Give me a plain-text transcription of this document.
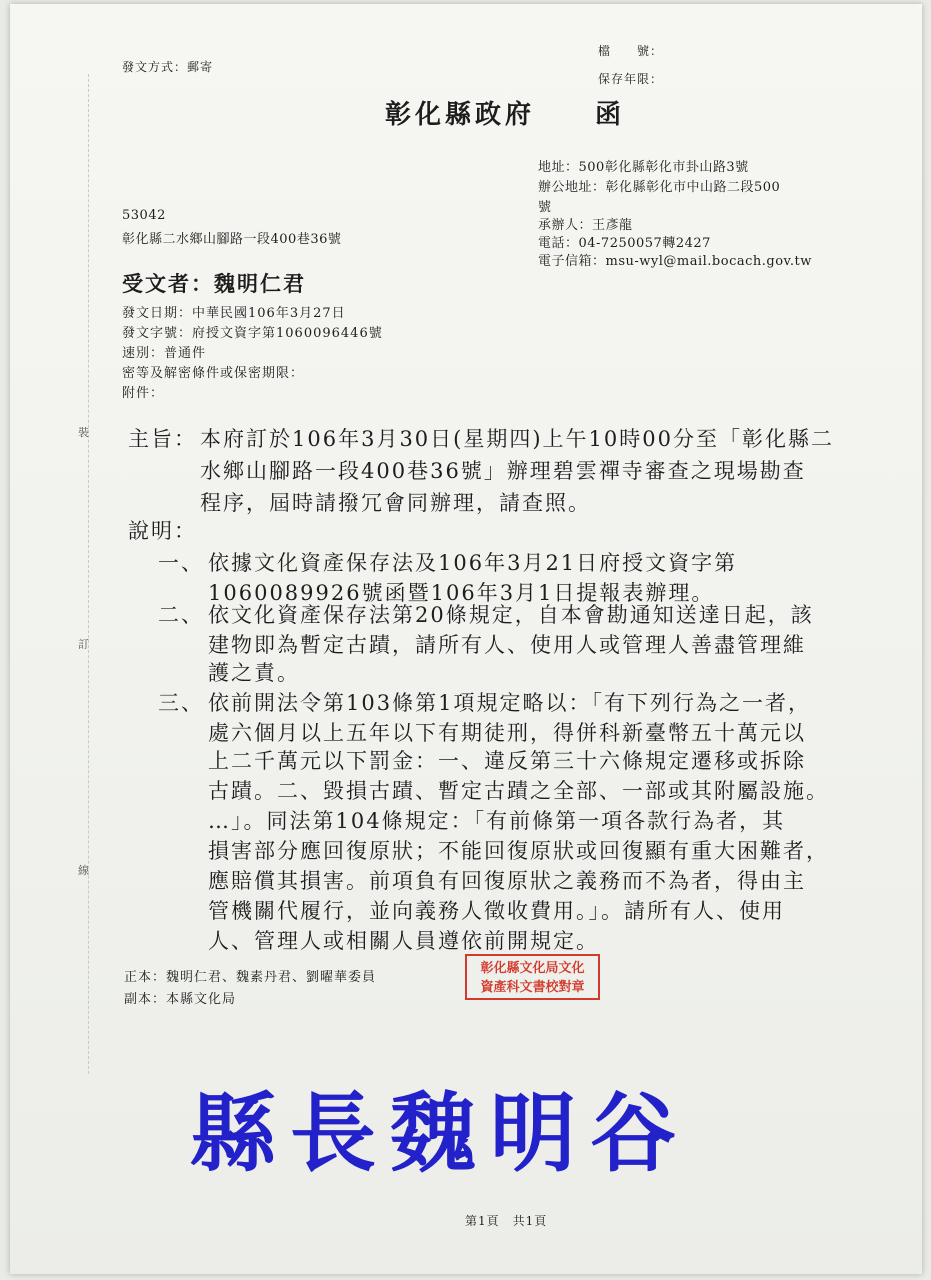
裝
訂
線
發文方式：郵寄
檔　　號：
保存年限：
彰化縣政府　　函
地址：500彰化縣彰化市卦山路3號
辦公地址：彰化縣彰化市中山路二段500
號
承辦人：王彥龍
電話：04-7250057轉2427
電子信箱：msu-wyl@mail.bocach.gov.tw
53042
彰化縣二水鄉山腳路一段400巷36號
受文者：魏明仁君
發文日期：中華民國106年3月27日
發文字號：府授文資字第1060096446號
速別：普通件
密等及解密條件或保密期限：
附件：
主旨： 本府訂於106年3月30日(星期四)上午10時00分至「彰化縣二
水鄉山腳路一段400巷36號」辦理碧雲禪寺審查之現場勘查
程序，屆時請撥冗會同辦理，請查照。
說明：
一、 依據文化資產保存法及106年3月21日府授文資字第
1060089926號函暨106年3月1日提報表辦理。
二、 依文化資產保存法第20條規定，自本會勘通知送達日起，該
建物即為暫定古蹟，請所有人、使用人或管理人善盡管理維
護之責。
三、 依前開法令第103條第1項規定略以：「有下列行為之一者，
處六個月以上五年以下有期徒刑，得併科新臺幣五十萬元以
上二千萬元以下罰金：一、違反第三十六條規定遷移或拆除
古蹟。二、毀損古蹟、暫定古蹟之全部、一部或其附屬設施。
…」。同法第104條規定：「有前條第一項各款行為者，其
損害部分應回復原狀；不能回復原狀或回復顯有重大困難者，
應賠償其損害。前項負有回復原狀之義務而不為者，得由主
管機關代履行，並向義務人徵收費用。」。請所有人、使用
人、管理人或相關人員遵依前開規定。
正本：魏明仁君、魏素丹君、劉曜華委員
副本：本縣文化局
彰化縣文化局文化
資產科文書校對章
縣長魏明谷
第1頁　共1頁
